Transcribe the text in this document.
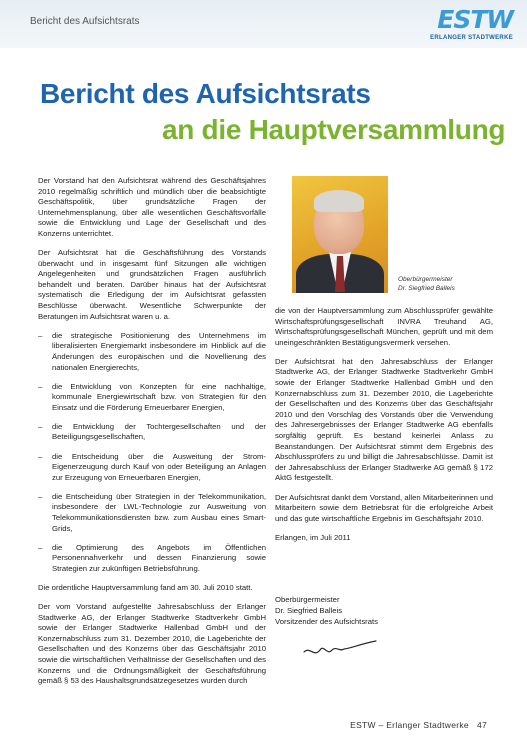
Bericht des Aufsichtsrats	ESTW
ERLANGER STADTWERKE
Bericht des Aufsichtsrats
an die Hauptversammlung

Der Vorstand hat den Aufsichtsrat während des Geschäftsjahres 2010 regelmäßig schriftlich und mündlich über die beabsichtigte Geschäftspolitik, über grundsätzliche Fragen der Unternehmensplanung, über alle wesentlichen Geschäftsvorfälle sowie die Entwicklung und Lage der Gesellschaft und des Konzerns unterrichtet.

Der Aufsichtsrat hat die Geschäftsführung des Vorstands überwacht und in insgesamt fünf Sitzungen alle wichtigen Angelegenheiten und grundsätzlichen Fragen ausführlich behandelt und beraten. Darüber hinaus hat der Aufsichtsrat systematisch die Erledigung der im Aufsichtsrat gefassten Beschlüsse überwacht. Wesentliche Schwerpunkte der Beratungen im Aufsichtsrat waren u. a.

– die strategische Positionierung des Unternehmens im liberalisierten Energiemarkt insbesondere im Hinblick auf die Änderungen des europäischen und die Novellierung des nationalen Energierechts,
– die Entwicklung von Konzepten für eine nachhaltige, kommunale Energiewirtschaft bzw. von Strategien für den Einsatz und die Förderung Erneuerbarer Energien,
– die Entwicklung der Tochtergesellschaften und der Beteiligungsgesellschaften,
– die Entscheidung über die Ausweitung der Strom-Eigenerzeugung durch Kauf von oder Beteiligung an Anlagen zur Erzeugung von Erneuerbaren Energien,
– die Entscheidung über Strategien in der Telekommunikation, insbesondere der LWL-Technologie zur Ausweitung von Telekommunikationsdiensten bzw. zum Ausbau eines Smart-Grids,
– die Optimierung des Angebots im Öffentlichen Personennahverkehr und dessen Finanzierung sowie Strategien zur zukünftigen Betriebsführung.

Die ordentliche Hauptversammlung fand am 30. Juli 2010 statt.

Der vom Vorstand aufgestellte Jahresabschluss der Erlanger Stadtwerke AG, der Erlanger Stadtwerke Stadtverkehr GmbH sowie der Erlanger Stadtwerke Hallenbad GmbH und der Konzernabschluss zum 31. Dezember 2010, die Lageberichte der Gesellschaften und des Konzerns über das Geschäftsjahr 2010 sowie die wirtschaftlichen Verhältnisse der Gesellschaften und des Konzerns und die Ordnungsmäßigkeit der Geschäftsführung gemäß § 53 des Haushaltsgrundsätzegesetzes wurden durch

Oberbürgermeister
Dr. Siegfried Balleis

die von der Hauptversammlung zum Abschlussprüfer gewählte Wirtschaftsprüfungsgesellschaft INVRA Treuhand AG, Wirtschaftsprüfungsgesellschaft München, geprüft und mit dem uneingeschränkten Bestätigungsvermerk versehen.

Der Aufsichtsrat hat den Jahresabschluss der Erlanger Stadtwerke AG, der Erlanger Stadtwerke Stadtverkehr GmbH sowie der Erlanger Stadtwerke Hallenbad GmbH und den Konzernabschluss zum 31. Dezember 2010, die Lageberichte der Gesellschaften und des Konzerns über das Geschäftsjahr 2010 und den Vorschlag des Vorstands über die Verwendung des Jahresergebnisses der Erlanger Stadtwerke AG ebenfalls sorgfältig geprüft. Es bestand keinerlei Anlass zu Beanstandungen. Der Aufsichtsrat stimmt dem Ergebnis des Abschlussprüfers zu und billigt die Jahresabschlüsse. Damit ist der Jahresabschluss der Erlanger Stadtwerke AG gemäß § 172 AktG festgestellt.

Der Aufsichtsrat dankt dem Vorstand, allen Mitarbeiterinnen und Mitarbeitern sowie dem Betriebsrat für die erfolgreiche Arbeit und das gute wirtschaftliche Ergebnis im Geschäftsjahr 2010.

Erlangen, im Juli 2011

Oberbürgermeister
Dr. Siegfried Balleis
Vorsitzender des Aufsichtsrats
ESTW – Erlanger Stadtwerke 47
